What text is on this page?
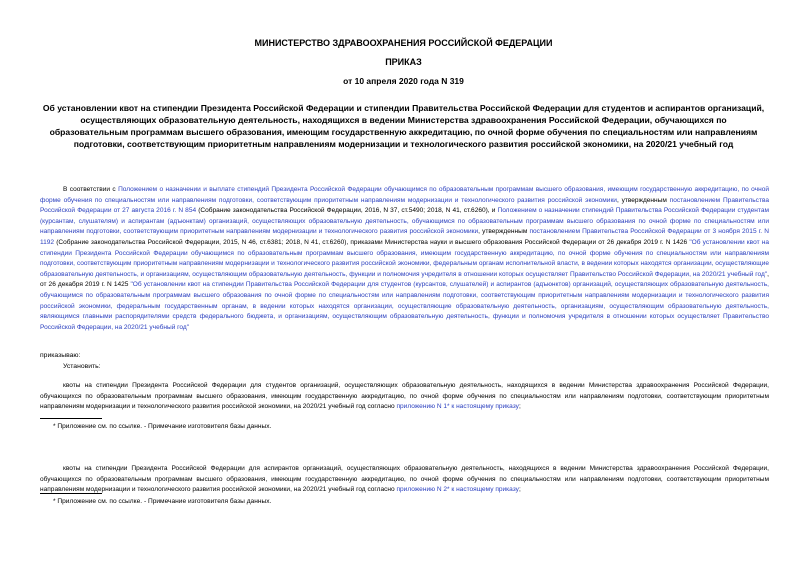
МИНИСТЕРСТВО ЗДРАВООХРАНЕНИЯ РОССИЙСКОЙ ФЕДЕРАЦИИ
ПРИКАЗ
от 10 апреля 2020 года N 319
Об установлении квот на стипендии Президента Российской Федерации и стипендии Правительства Российской Федерации для студентов и аспирантов организаций, осуществляющих образовательную деятельность, находящихся в ведении Министерства здравоохранения Российской Федерации, обучающихся по образовательным программам высшего образования, имеющим государственную аккредитацию, по очной форме обучения по специальностям или направлениям подготовки, соответствующим приоритетным направлениям модернизации и технологического развития российской экономики, на 2020/21 учебный год
В соответствии с Положением о назначении и выплате стипендий Президента Российской Федерации обучающимся по образовательным программам высшего образования, имеющим государственную аккредитацию, по очной форме обучения по специальностям или направлениям подготовки, соответствующим приоритетным направлениям модернизации и технологического развития российской экономики, утвержденным постановлением Правительства Российской Федерации от 27 августа 2016 г. N 854 (Собрание законодательства Российской Федерации, 2016, N 37, ст.5490; 2018, N 41, ст.6260), и Положением о назначении стипендий Правительства Российской Федерации студентам (курсантам, слушателям) и аспирантам (адъюнктам) организаций, осуществляющих образовательную деятельность, обучающимся по образовательным программам высшего образования по очной форме по специальностям или направлениям подготовки, соответствующим приоритетным направлениям модернизации и технологического развития российской экономики, утвержденным постановлением Правительства Российской Федерации от 3 ноября 2015 г. N 1192 (Собрание законодательства Российской Федерации, 2015, N 46, ст.6381; 2018, N 41, ст.6260), приказами Министерства науки и высшего образования Российской Федерации от 26 декабря 2019 г. N 1426 "Об установлении квот на стипендии Президента Российской Федерации обучающимся по образовательным программам высшего образования, имеющим государственную аккредитацию, по очной форме обучения по специальностям или направлениям подготовки, соответствующим приоритетным направлениям модернизации и технологического развития российской экономики, федеральным органам исполнительной власти, в ведении которых находятся организации, осуществляющие образовательную деятельность, и организациям, осуществляющим образовательную деятельность, функции и полномочия учредителя в отношении которых осуществляет Правительство Российской Федерации, на 2020/21 учебный год", от 26 декабря 2019 г. N 1425 "Об установлении квот на стипендии Правительства Российской Федерации для студентов (курсантов, слушателей) и аспирантов (адъюнктов) организаций, осуществляющих образовательную деятельность, обучающимся по образовательным программам высшего образования по очной форме по специальностям или направлениям подготовки, соответствующим приоритетным направлениям модернизации и технологического развития российской экономики, федеральным государственным органам, в ведении которых находятся организации, осуществляющие образовательную деятельность, организациям, осуществляющим образовательную деятельность, являющимся главными распорядителями средств федерального бюджета, и организациям, осуществляющим образовательную деятельность, функции и полномочия учредителя в отношении которых осуществляет Правительство Российской Федерации, на 2020/21 учебный год"
приказываю:
Установить:
квоты на стипендии Президента Российской Федерации для студентов организаций, осуществляющих образовательную деятельность, находящихся в ведении Министерства здравоохранения Российской Федерации, обучающихся по образовательным программам высшего образования, имеющим государственную аккредитацию, по очной форме обучения по специальностям или направлениям подготовки, соответствующим приоритетным направлениям модернизации и технологического развития российской экономики, на 2020/21 учебный год согласно приложению N 1* к настоящему приказу;
* Приложение см. по ссылке. - Примечание изготовителя базы данных.
квоты на стипендии Президента Российской Федерации для аспирантов организаций, осуществляющих образовательную деятельность, находящихся в ведении Министерства здравоохранения Российской Федерации, обучающихся по образовательным программам высшего образования, имеющим государственную аккредитацию, по очной форме обучения по специальностям или направлениям подготовки, соответствующим приоритетным направлениям модернизации и технологического развития российской экономики, на 2020/21 учебный год согласно приложению N 2* к настоящему приказу;
* Приложение см. по ссылке. - Примечание изготовителя базы данных.
